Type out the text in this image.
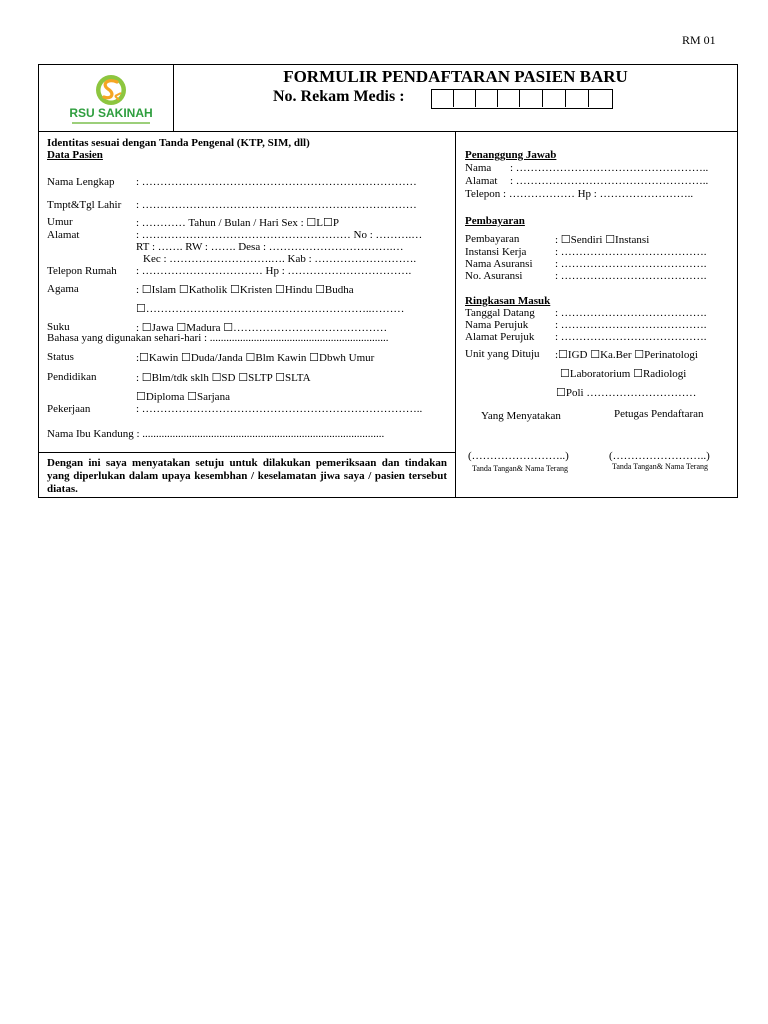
RM 01
RSU SAKINAH
FORMULIR PENDAFTARAN PASIEN BARU
No. Rekam Medis :
Identitas sesuai dengan Tanda Pengenal (KTP, SIM, dll)
Data Pasien
Nama Lengkap : …………………………………………………………………
Tmpt&Tgl Lahir : …………………………………………………………………
Umur	: ………… Tahun / Bulan / Hari Sex : ☐L☐P
Alamat	: ………………………………………………… No : ……….…
RT : ……. RW : ……. Desa : …………………………….…
Kec : ……………………….…. Kab : ……………………….
Telepon Rumah : …………………………… Hp : …………………………….
Agama	: ☐Islam ☐Katholik ☐Kristen ☐Hindu ☐Budha
☐……………………………………………………..………
Suku	: ☐Jawa ☐Madura ☐……………………………………
Bahasa yang digunakan sehari-hari : .................................................................
Status	:☐Kawin ☐Duda/Janda ☐Blm Kawin ☐Dbwh Umur
Pendidikan	: ☐Blm/tdk sklh ☐SD ☐SLTP ☐SLTA
☐Diploma ☐Sarjana
Pekerjaan	: …………………………………………………………………..
Nama Ibu Kandung : ........................................................................................
Dengan ini saya menyatakan setuju untuk dilakukan pemeriksaan dan tindakan yang diperlukan dalam upaya kesembhan / keselamatan jiwa saya / pasien tersebut diatas.
Penanggung Jawab
Nama : ……………………………………………..
Alamat : ……………………………………………..
Telepon : ……………… Hp : ……………………..
Pembayaran
Pembayaran	: ☐Sendiri ☐Instansi
Instansi Kerja	: ………………………………….
Nama Asuransi : ………………………………….
No. Asuransi	: ………………………………….
Ringkasan Masuk
Tanggal Datang : ………………………………….
Nama Perujuk : ………………………………….
Alamat Perujuk : ………………………………….
Unit yang Dituju :☐IGD ☐Ka.Ber ☐Perinatologi
☐Laboratorium ☐Radiologi
☐Poli …………………………
Yang Menyatakan	Petugas Pendaftaran
(……………………..)
Tanda Tangan& Nama Terang
(……………………..)
Tanda Tangan& Nama Terang
